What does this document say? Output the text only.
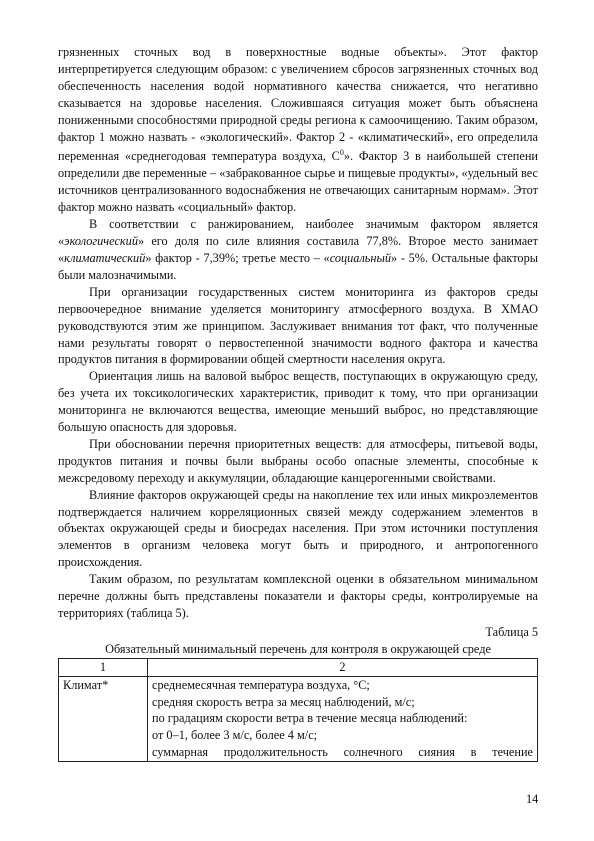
грязненных сточных вод в поверхностные водные объекты». Этот фактор интерпретируется следующим образом: с увеличением сбросов загрязненных сточных вод обеспеченность населения водой нормативного качества снижается, что негативно сказывается на здоровье населения. Сложившаяся ситуация может быть объяснена пониженными способностями природной среды региона к самоочищению. Таким образом, фактор 1 можно назвать - «экологический». Фактор 2 - «климатический», его определила переменная «среднегодовая температура воздуха, $С^0$». Фактор 3 в наибольшей степени определили две переменные – «забракованное сырье и пищевые продукты», «удельный вес источников централизованного водоснабжения не отвечающих санитарным нормам». Этот фактор можно назвать «социальный» фактор.

В соответствии с ранжированием, наиболее значимым фактором является «экологический» его доля по силе влияния составила 77,8%. Второе место занимает «климатический» фактор - 7,39%; третье место – «социальный» - 5%. Остальные факторы были малозначимыми.

При организации государственных систем мониторинга из факторов среды первоочередное внимание уделяется мониторингу атмосферного воздуха. В ХМАО руководствуются этим же принципом. Заслуживает внимания тот факт, что полученные нами результаты говорят о первостепенной значимости водного фактора и качества продуктов питания в формировании общей смертности населения округа.

Ориентация лишь на валовой выброс веществ, поступающих в окружающую среду, без учета их токсикологических характеристик, приводит к тому, что при организации мониторинга не включаются вещества, имеющие меньший выброс, но представляющие большую опасность для здоровья.

При обосновании перечня приоритетных веществ: для атмосферы, питьевой воды, продуктов питания и почвы были выбраны особо опасные элементы, способные к межсредовому переходу и аккумуляции, обладающие канцерогенными свойствами.

Влияние факторов окружающей среды на накопление тех или иных микроэлементов подтверждается наличием корреляционных связей между содержанием элементов в объектах окружающей среды и биосредах населения. При этом источники поступления элементов в организм человека могут быть и природного, и антропогенного происхождения.

Таким образом, по результатам комплексной оценки в обязательном минимальном перечне должны быть представлены показатели и факторы среды, контролируемые на территориях (таблица 5).

Таблица 5
Обязательный минимальный перечень для контроля в окружающей среде
1	2
Климат*	среднемесячная температура воздуха, °С;
средняя скорость ветра за месяц наблюдений, м/с;
по градациям скорости ветра в течение месяца наблюдений:
от 0–1, более 3 м/с, более 4 м/с;
суммарная продолжительность солнечного сияния в течение
14
